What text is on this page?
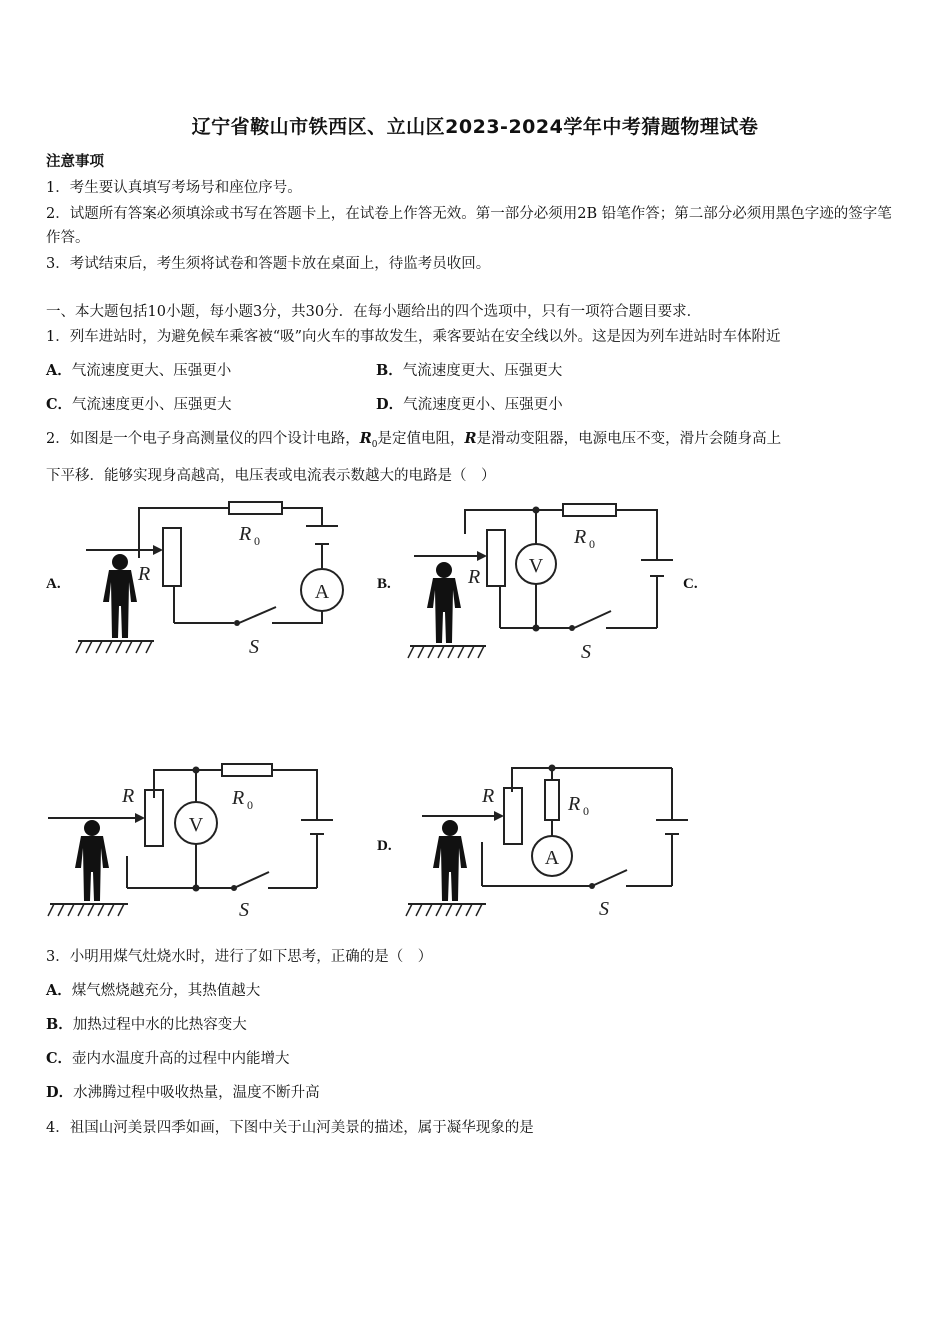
辽宁省鞍山市铁西区、立山区2023-2024学年中考猜题物理试卷
注意事项
1．考生要认真填写考场号和座位序号。
2．试题所有答案必须填涂或书写在答题卡上，在试卷上作答无效。第一部分必须用2B 铅笔作答；第二部分必须用黑色字迹的签字笔作答。
3．考试结束后，考生须将试卷和答题卡放在桌面上，待监考员收回。
一、本大题包括10小题，每小题3分，共30分．在每小题给出的四个选项中，只有一项符合题目要求．
1．列车进站时，为避免候车乘客被“吸”向火车的事故发生，乘客要站在安全线以外。这是因为列车进站时车体附近
A．气流速度更大、压强更小	B．气流速度更大、压强更大
C．气流速度更小、压强更大	D．气流速度更小、压强更小
2．如图是一个电子身高测量仪的四个设计电路，$R_0$是定值电阻，R是滑动变阻器，电源电压不变，滑片会随身高上
下平移．能够实现身高越高，电压表或电流表示数越大的电路是（　）
A.	B.	C.
D.
A
R
R 0
S
V
R
R 0
S
V
R	R 0
S
A
R	R 0
S
3．小明用煤气灶烧水时，进行了如下思考，正确的是（　）
A．煤气燃烧越充分，其热值越大
B．加热过程中水的比热容变大
C．壶内水温度升高的过程中内能增大
D．水沸腾过程中吸收热量，温度不断升高
4．祖国山河美景四季如画，下图中关于山河美景的描述，属于凝华现象的是
